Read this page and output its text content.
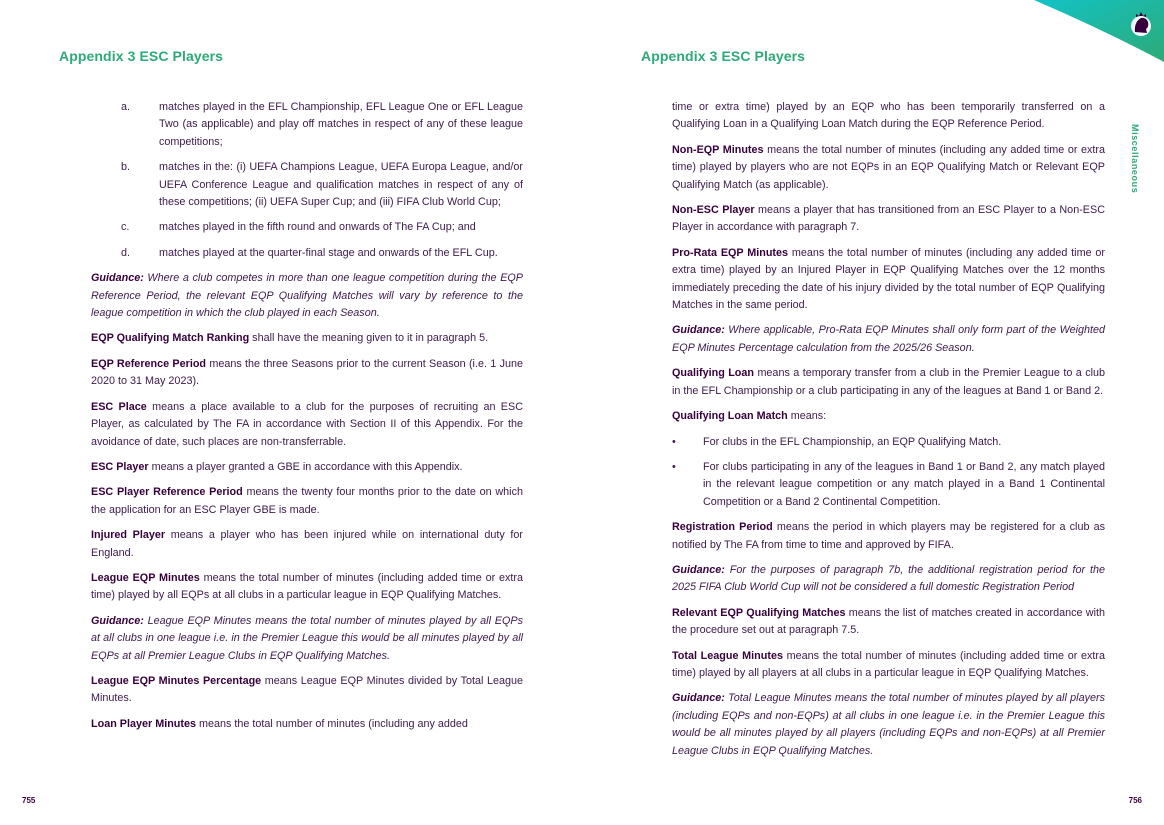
Appendix 3 ESC Players
a.	matches played in the EFL Championship, EFL League One or EFL League Two (as applicable) and play off matches in respect of any of these league competitions;
b.	matches in the: (i) UEFA Champions League, UEFA Europa League, and/or UEFA Conference League and qualification matches in respect of any of these competitions; (ii) UEFA Super Cup; and (iii) FIFA Club World Cup;
c.	matches played in the fifth round and onwards of The FA Cup; and
d.	matches played at the quarter-final stage and onwards of the EFL Cup.

Guidance: Where a club competes in more than one league competition during the EQP Reference Period, the relevant EQP Qualifying Matches will vary by reference to the league competition in which the club played in each Season.

EQP Qualifying Match Ranking shall have the meaning given to it in paragraph 5.

EQP Reference Period means the three Seasons prior to the current Season (i.e. 1 June 2020 to 31 May 2023).

ESC Place means a place available to a club for the purposes of recruiting an ESC Player, as calculated by The FA in accordance with Section II of this Appendix. For the avoidance of date, such places are non-transferrable.

ESC Player means a player granted a GBE in accordance with this Appendix.

ESC Player Reference Period means the twenty four months prior to the date on which the application for an ESC Player GBE is made.

Injured Player means a player who has been injured while on international duty for England.

League EQP Minutes means the total number of minutes (including added time or extra time) played by all EQPs at all clubs in a particular league in EQP Qualifying Matches.

Guidance: League EQP Minutes means the total number of minutes played by all EQPs at all clubs in one league i.e. in the Premier League this would be all minutes played by all EQPs at all Premier League Clubs in EQP Qualifying Matches.

League EQP Minutes Percentage means League EQP Minutes divided by Total League Minutes.

Loan Player Minutes means the total number of minutes (including any added

755
Appendix 3 ESC Players

time or extra time) played by an EQP who has been temporarily transferred on a Qualifying Loan in a Qualifying Loan Match during the EQP Reference Period.

Non-EQP Minutes means the total number of minutes (including any added time or extra time) played by players who are not EQPs in an EQP Qualifying Match or Relevant EQP Qualifying Match (as applicable).

Non-ESC Player means a player that has transitioned from an ESC Player to a Non-ESC Player in accordance with paragraph 7.

Pro-Rata EQP Minutes means the total number of minutes (including any added time or extra time) played by an Injured Player in EQP Qualifying Matches over the 12 months immediately preceding the date of his injury divided by the total number of EQP Qualifying Matches in the same period.

Guidance: Where applicable, Pro-Rata EQP Minutes shall only form part of the Weighted EQP Minutes Percentage calculation from the 2025/26 Season.

Qualifying Loan means a temporary transfer from a club in the Premier League to a club in the EFL Championship or a club participating in any of the leagues at Band 1 or Band 2.

Qualifying Loan Match means:

•	For clubs in the EFL Championship, an EQP Qualifying Match.
•	For clubs participating in any of the leagues in Band 1 or Band 2, any match played in the relevant league competition or any match played in a Band 1 Continental Competition or a Band 2 Continental Competition.

Registration Period means the period in which players may be registered for a club as notified by The FA from time to time and approved by FIFA.

Guidance: For the purposes of paragraph 7b, the additional registration period for the 2025 FIFA Club World Cup will not be considered a full domestic Registration Period

Relevant EQP Qualifying Matches means the list of matches created in accordance with the procedure set out at paragraph 7.5.

Total League Minutes means the total number of minutes (including added time or extra time) played by all players at all clubs in a particular league in EQP Qualifying Matches.

Guidance: Total League Minutes means the total number of minutes played by all players (including EQPs and non-EQPs) at all clubs in one league i.e. in the Premier League this would be all minutes played by all players (including EQPs and non-EQPs) at all Premier League Clubs in EQP Qualifying Matches.

Miscellaneous
756
